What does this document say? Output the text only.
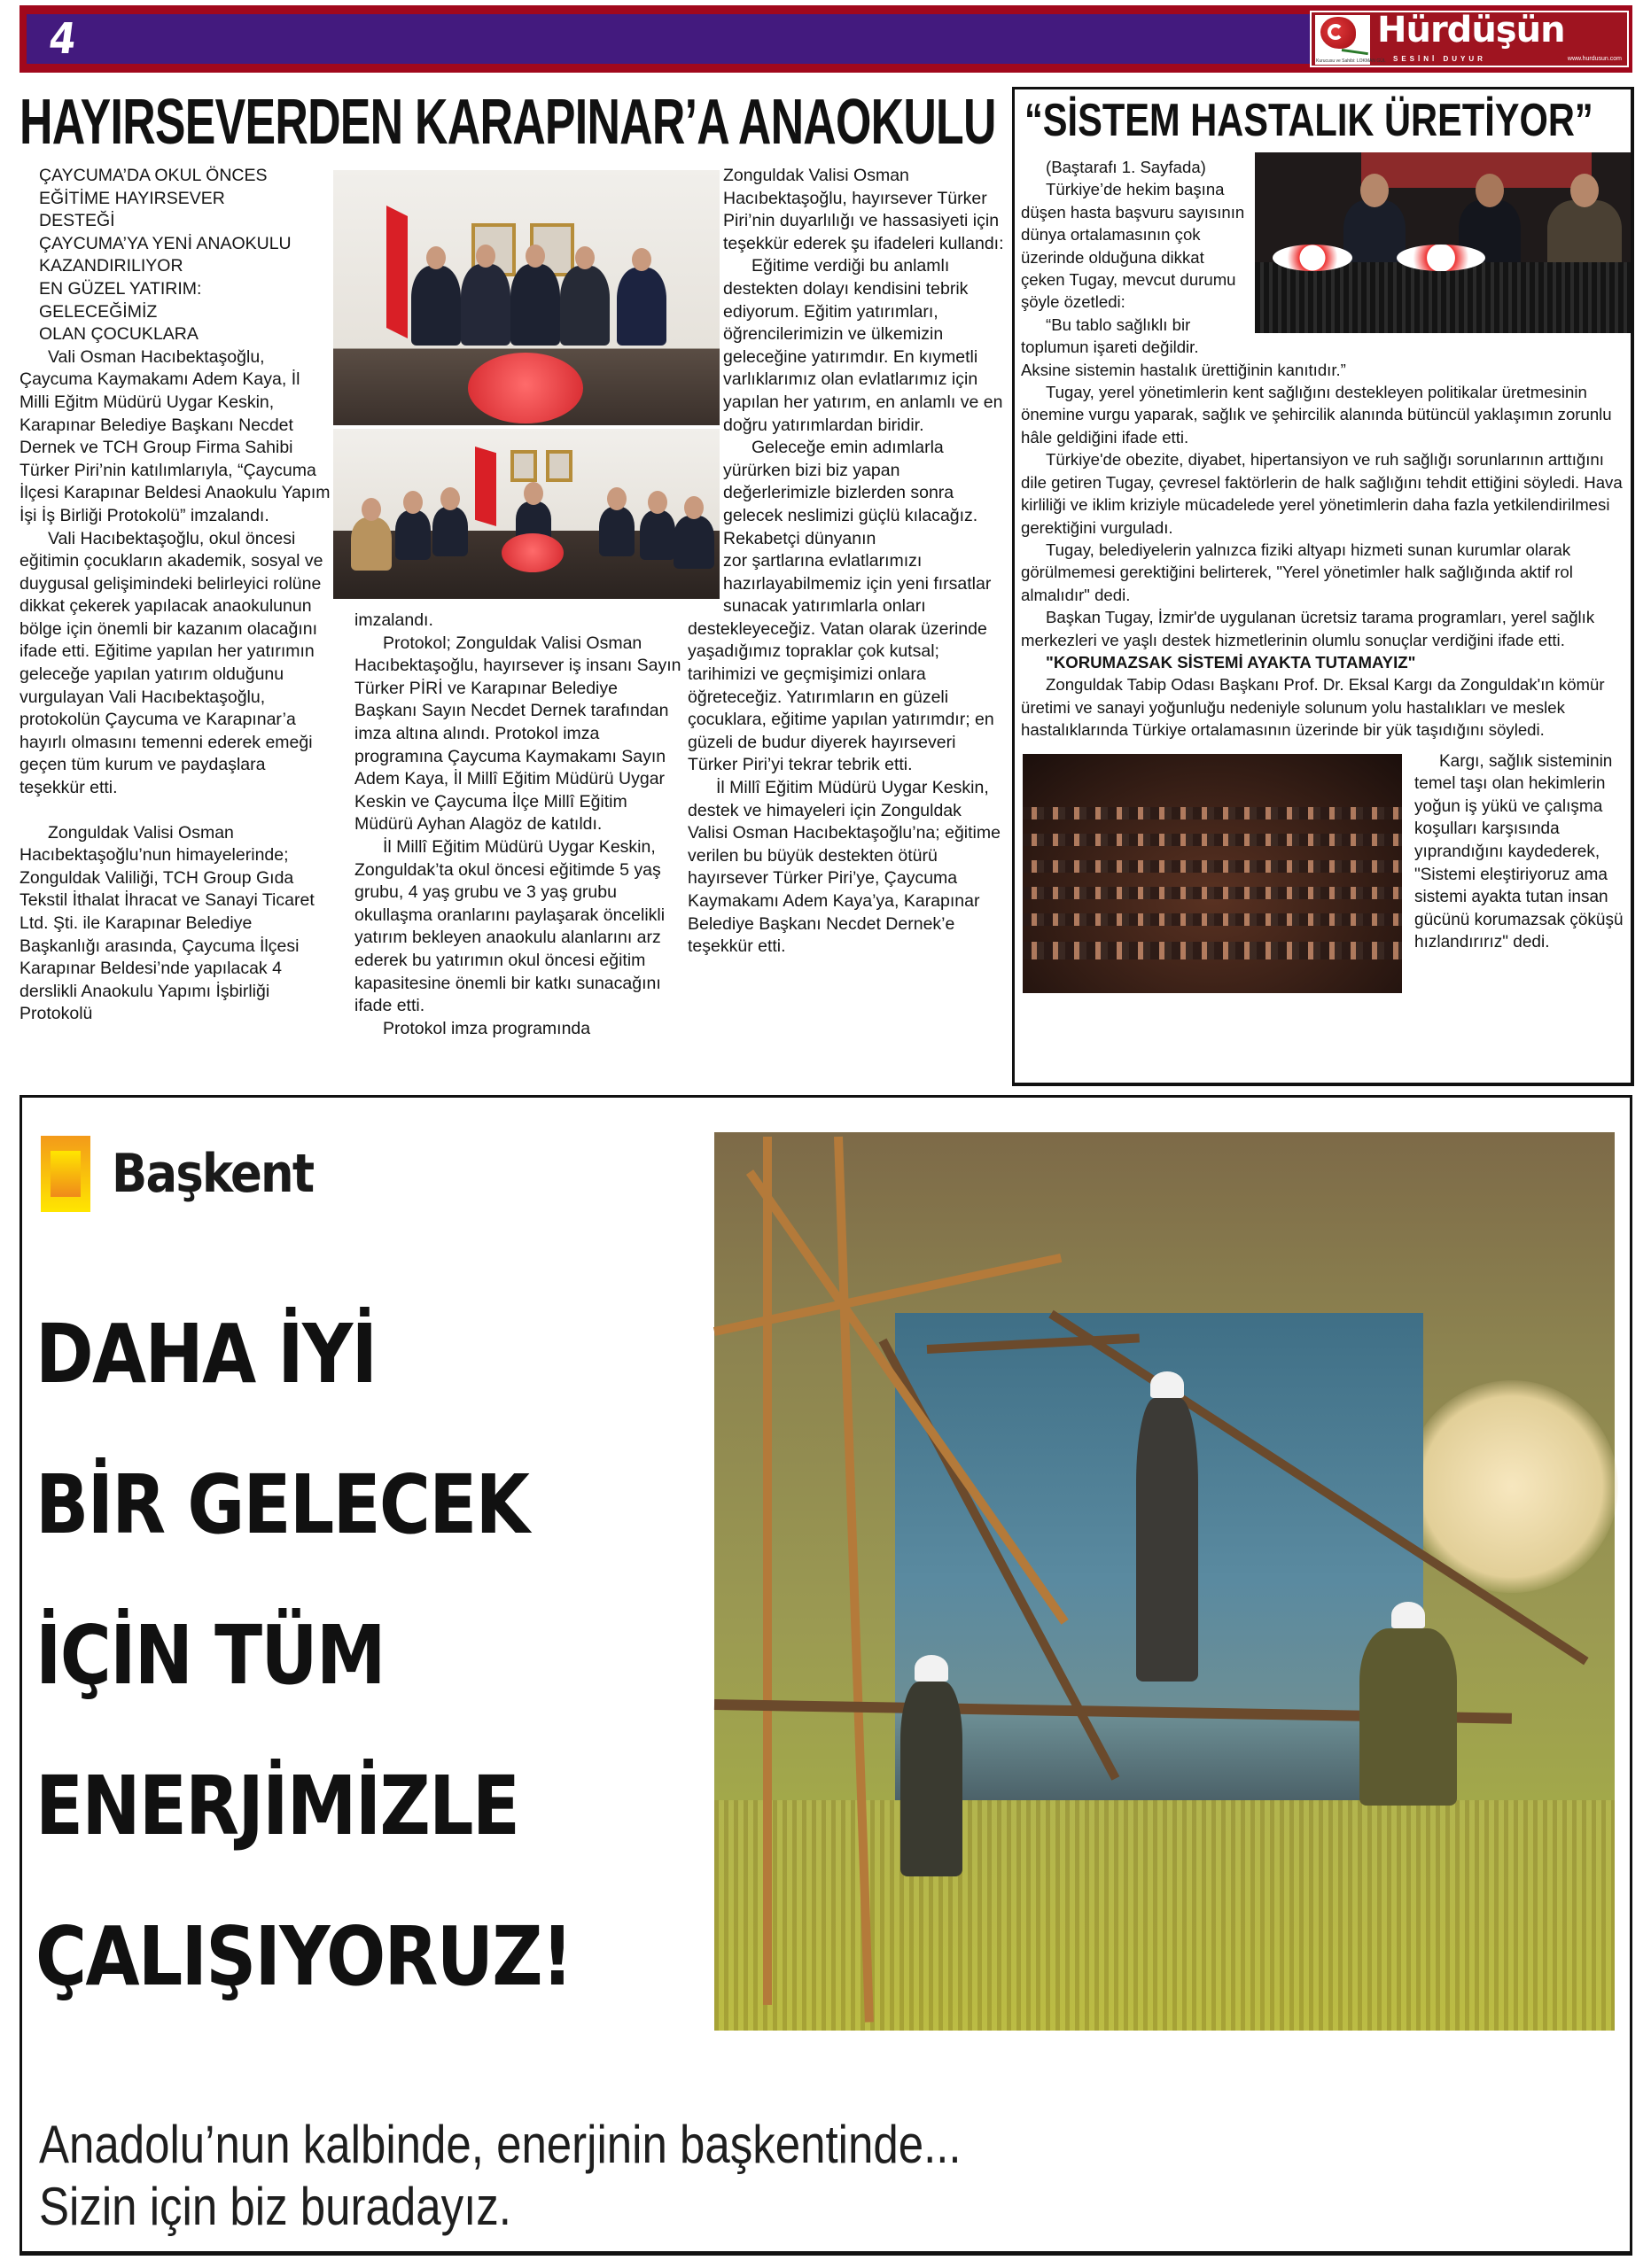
4	Kurucusu ve Sahibi: LOKMAN GÜL
Hürdüşün
SESİNİ DUYUR	www.hurdusun.com
HAYIRSEVERDEN KARAPINAR’A ANAOKULU
ÇAYCUMA’DA OKUL ÖNCES
EĞİTİME HAYIRSEVER
DESTEĞİ
ÇAYCUMA’YA YENİ ANAOKULU
KAZANDIRILIYOR
EN GÜZEL YATIRIM:
GELECEĞİMİZ
OLAN ÇOCUKLARA

Vali Osman Hacıbektaşoğlu, Çaycuma Kaymakamı Adem Kaya, İl Milli Eğitm Müdürü Uygar Keskin, Karapınar Belediye Başkanı Necdet Dernek ve TCH Group Firma Sahibi Türker Piri’nin katılımlarıyla, “Çaycuma İlçesi Karapınar Beldesi Anaokulu Yapım İşi İş Birliği Protokolü” imzalandı.

Vali Hacıbektaşoğlu, okul öncesi eğitimin çocukların akademik, sosyal ve duygusal gelişimindeki belirleyici rolüne dikkat çekerek yapılacak anaokulunun bölge için önemli bir kazanım olacağını ifade etti. Eğitime yapılan her yatırımın geleceğe yapılan yatırım olduğunu vurgulayan Vali Hacıbektaşoğlu, protokolün Çaycuma ve Karapınar’a hayırlı olmasını temenni ederek emeği geçen tüm kurum ve paydaşlara teşekkür etti.

Zonguldak Valisi Osman Hacıbektaşoğlu’nun himayelerinde; Zonguldak Valiliği, TCH Group Gıda Tekstil İthalat İhracat ve Sanayi Ticaret Ltd. Şti. ile Karapınar Belediye Başkanlığı arasında, Çaycuma İlçesi Karapınar Beldesi’nde yapılacak 4 derslikli Anaokulu Yapımı İşbirliği Protokolü

imzalandı.

Protokol; Zonguldak Valisi Osman Hacıbektaşoğlu, hayırsever iş insanı Sayın Türker PİRİ ve Karapınar Belediye Başkanı Sayın Necdet Dernek tarafından imza altına alındı. Protokol imza programına Çaycuma Kaymakamı Sayın Adem Kaya, İl Millî Eğitim Müdürü Uygar Keskin ve Çaycuma İlçe Millî Eğitim Müdürü Ayhan Alagöz de katıldı.

İl Millî Eğitim Müdürü Uygar Keskin, Zonguldak’ta okul öncesi eğitimde 5 yaş grubu, 4 yaş grubu ve 3 yaş grubu okullaşma oranlarını paylaşarak öncelikli yatırım bekleyen anaokulu alanlarını arz ederek bu yatırımın okul öncesi eğitim kapasitesine önemli bir katkı sunacağını ifade etti.

Protokol imza programında

Zonguldak Valisi Osman Hacıbektaşoğlu, hayırsever Türker Piri’nin duyarlılığı ve hassasiyeti için teşekkür ederek şu ifadeleri kullandı:

Eğitime verdiği bu anlamlı destekten dolayı kendisini tebrik ediyorum. Eğitim yatırımları, öğrencilerimizin ve ülkemizin geleceğine yatırımdır. En kıymetli varlıklarımız olan evlatlarımız için yapılan her yatırım, en anlamlı ve en doğru yatırımlardan biridir.

Geleceğe emin adımlarla yürürken bizi biz yapan değerlerimizle bizlerden sonra gelecek neslimizi güçlü kılacağız. Rekabetçi dünyanın

zor şartlarına evlatlarımızı hazırlayabilmemiz için yeni fırsatlar sunacak yatırımlarla onları destekleyeceğiz. Vatan olarak üzerinde yaşadığımız topraklar çok kutsal; tarihimizi ve geçmişimizi onlara öğreteceğiz. Yatırımların en güzeli çocuklara, eğitime yapılan yatırımdır; en güzeli de budur diyerek hayırseveri Türker Piri’yi tekrar tebrik etti.

İl Millî Eğitim Müdürü Uygar Keskin, destek ve himayeleri için Zonguldak Valisi Osman Hacıbektaşoğlu’na; eğitime verilen bu büyük destekten ötürü hayırsever Türker Piri’ye, Çaycuma Kaymakamı Adem Kaya’ya, Karapınar Belediye Başkanı Necdet Dernek’e teşekkür etti.

“SİSTEM HASTALIK ÜRETİYOR”

(Baştarafı 1. Sayfada)

Türkiye’de hekim başına düşen hasta başvuru sayısının dünya ortalamasının çok üzerinde olduğuna dikkat çeken Tugay, mevcut durumu şöyle özetledi:

“Bu tablo sağlıklı bir toplumun işareti değildir. Aksine sistemin hastalık ürettiğinin kanıtıdır.”

Tugay, yerel yönetimlerin kent sağlığını destekleyen politikalar üretmesinin önemine vurgu yaparak, sağlık ve şehircilik alanında bütüncül yaklaşımın zorunlu hâle geldiğini ifade etti.

Türkiye'de obezite, diyabet, hipertansiyon ve ruh sağlığı sorunlarının arttığını dile getiren Tugay, çevresel faktörlerin de halk sağlığını tehdit ettiğini söyledi. Hava kirliliği ve iklim kriziyle mücadelede yerel yönetimlerin daha fazla yetkilendirilmesi gerektiğini vurguladı.

Tugay, belediyelerin yalnızca fiziki altyapı hizmeti sunan kurumlar olarak görülmemesi gerektiğini belirterek, "Yerel yönetimler halk sağlığında aktif rol almalıdır" dedi.

Başkan Tugay, İzmir'de uygulanan ücretsiz tarama programları, yerel sağlık merkezleri ve yaşlı destek hizmetlerinin olumlu sonuçlar verdiğini ifade etti.

"KORUMAZSAK SİSTEMİ AYAKTA TUTAMAYIZ"

Zonguldak Tabip Odası Başkanı Prof. Dr. Eksal Kargı da Zonguldak'ın kömür üretimi ve sanayi yoğunluğu nedeniyle solunum yolu hastalıkları ve meslek hastalıklarında Türkiye ortalamasının üzerinde bir yük taşıdığını söyledi.

Kargı, sağlık sisteminin temel taşı olan hekimlerin yoğun iş yükü ve çalışma koşulları karşısında yıprandığını kaydederek, "Sistemi eleştiriyoruz ama sistemi ayakta tutan insan gücünü korumazsak çöküşü hızlandırırız" dedi.

Başkent
DAHA İYİ
BİR GELECEK
İÇİN TÜM
ENERJİMİZLE
ÇALIŞIYORUZ!
Anadolu’nun kalbinde, enerjinin başkentinde...
Sizin için biz buradayız.
